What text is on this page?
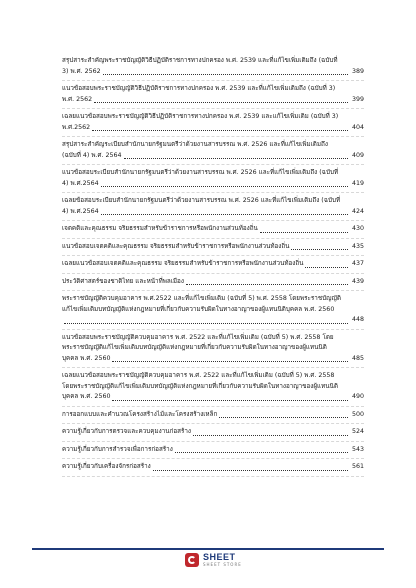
สรุปสาระสำคัญพระราชบัญญัติวิธีปฏิบัติราชการทางปกครอง พ.ศ. 2539 และที่แก้ไขเพิ่มเติมถึง (ฉบับที่
3) พ.ศ. 2562	389
แนวข้อสอบพระราชบัญญัติวิธีปฏิบัติราชการทางปกครอง พ.ศ. 2539 และที่แก้ไขเพิ่มเติมถึง (ฉบับที่ 3)
พ.ศ. 2562	399
เฉลยแนวข้อสอบพระราชบัญญัติวิธีปฏิบัติราชการทางปกครอง พ.ศ. 2539 และแก้ไขเพิ่มเติม (ฉบับที่ 3)
พ.ศ.2562	404
สรุปสาระสำคัญระเบียบสำนักนายกรัฐมนตรีว่าด้วยงานสารบรรณ พ.ศ. 2526 และที่แก้ไขเพิ่มเติมถึง
(ฉบับที่ 4) พ.ศ. 2564	409
แนวข้อสอบระเบียบสำนักนายกรัฐมนตรีว่าด้วยงานสารบรรณ พ.ศ. 2526 และที่แก้ไขเพิ่มเติมถึง (ฉบับที่
4) พ.ศ.2564	419
เฉลยข้อสอบระเบียบสำนักนายกรัฐมนตรีว่าด้วยงานสารบรรณ พ.ศ. 2526 และที่แก้ไขเพิ่มเติมถึง (ฉบับที่
4) พ.ศ.2564	424
เจตคติและคุณธรรม จริยธรรมสำหรับข้าราชการหรือพนักงานส่วนท้องถิ่น	430
แนวข้อสอบเจตคติและคุณธรรม จริยธรรมสำหรับข้าราชการหรือพนักงานส่วนท้องถิ่น	435
เฉลยแนวข้อสอบเจตคติและคุณธรรม จริยธรรมสำหรับข้าราชการหรือพนักงานส่วนท้องถิ่น	437
ประวัติศาสตร์ของชาติไทย และหน้าที่พลเมือง	439
พระราชบัญญัติควบคุมอาคาร พ.ศ.2522 และที่แก้ไขเพิ่มเติม (ฉบับที่ 5) พ.ศ. 2558 โดยพระราชบัญญัติ
แก้ไขเพิ่มเติมบทบัญญัติแห่งกฎหมายที่เกี่ยวกับความรับผิดในทางอาญาของผู้แทนนิติบุคคล พ.ศ. 2560
448
แนวข้อสอบพระราชบัญญัติควบคุมอาคาร พ.ศ. 2522 และที่แก้ไขเพิ่มเติม (ฉบับที่ 5) พ.ศ. 2558 โดย
พระราชบัญญัติแก้ไขเพิ่มเติมบทบัญญัติแห่งกฎหมายที่เกี่ยวกับความรับผิดในทางอาญาของผู้แทนนิติ
บุคคล พ.ศ. 2560	485
เฉลยแนวข้อสอบพระราชบัญญัติควบคุมอาคาร พ.ศ. 2522 และที่แก้ไขเพิ่มเติม (ฉบับที่ 5) พ.ศ. 2558
โดยพระราชบัญญัติแก้ไขเพิ่มเติมบทบัญญัติแห่งกฎหมายที่เกี่ยวกับความรับผิดในทางอาญาของผู้แทนนิติ
บุคคล พ.ศ. 2560	490
การออกแบบและคำนวณโครงสร้างไม้และโครงสร้างเหล็ก	500
ความรู้เกี่ยวกับการตรวจและควบคุมงานก่อสร้าง	524
ความรู้เกี่ยวกับการสำรวจเพื่อการก่อสร้าง	543
ความรู้เกี่ยวกับเครื่องจักรก่อสร้าง	561
SHEET
SHEET STORE
